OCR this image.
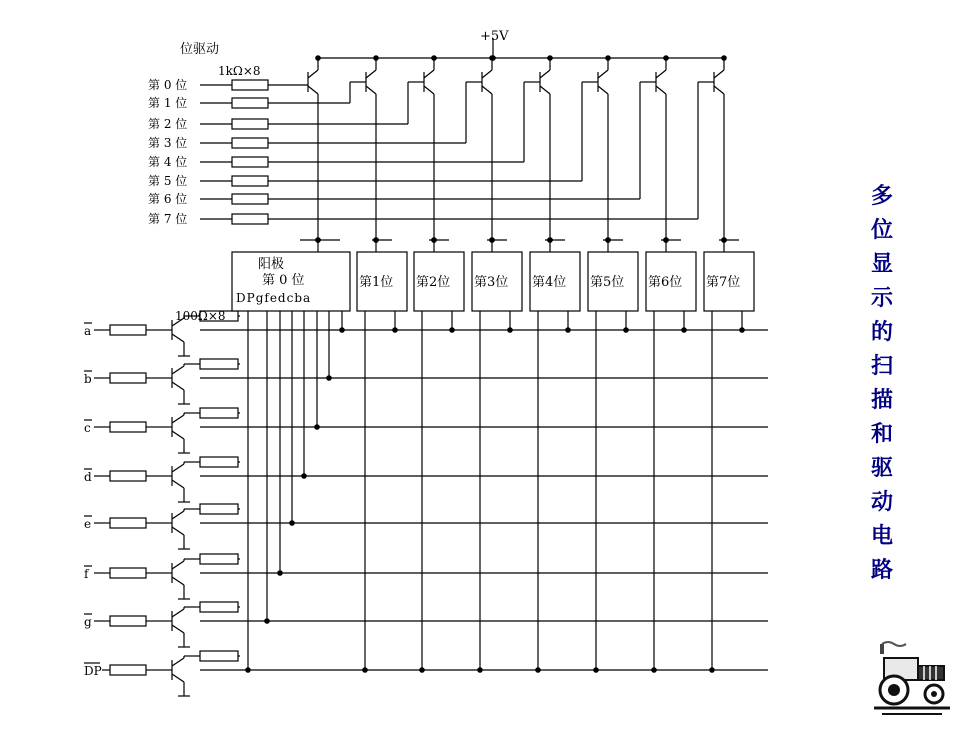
第 0 位
第 1 位
第 2 位
第 3 位
第 4 位
第 5 位
第 6 位
第 7 位
第1位 第2位 第3位 第4位 第5位 第6位 第7位
a
b
c
d
e
f
g
DP
+5V
位驱动
1kΩ×8
100Ω×8
阳极
第 0 位
DPgfedcba
多
位
显
示
的
扫
描
和
驱
动
电
路
